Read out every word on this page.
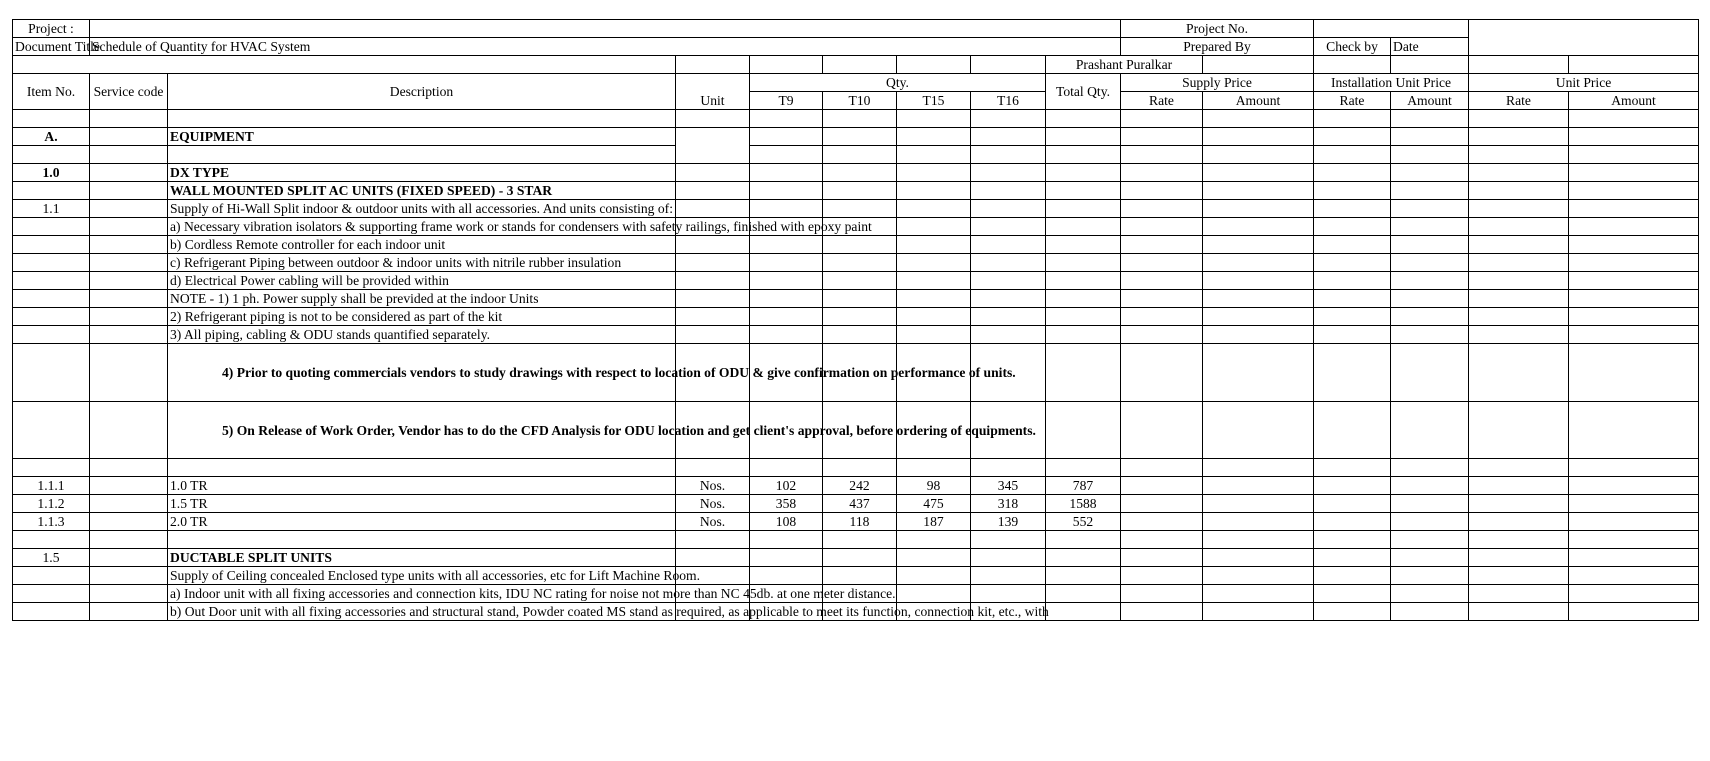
Project :									Project No.					
Document Title	Schedule of Quantity for HVAC System								Prepared By		Check by	Date		
								Prashant Puralkar						
Item No.	Service code	Description	Unit	Qty.				Total Qty.	Supply Price		Installation Unit Price		Unit Price	
				T9	T10	T15	T16		Rate	Amount	Rate	Amount	Rate	Amount

A.		EQUIPMENT												

1.0		DX TYPE												
		WALL MOUNTED SPLIT AC UNITS (FIXED SPEED) - 3 STAR												
1.1		Supply of Hi-Wall Split indoor & outdoor units with all accessories. And units consisting of:												
		a) Necessary vibration isolators & supporting frame work or stands for condensers with safety railings, finished with epoxy paint												
		b) Cordless Remote controller for each indoor unit												
		c) Refrigerant Piping between outdoor & indoor units with nitrile rubber insulation												
		d) Electrical Power cabling will be provided within												
		NOTE - 1) 1 ph. Power supply shall be previded at the indoor Units												
		2) Refrigerant piping is not to be considered as part of the kit												
		3) All piping, cabling & ODU stands quantified separately.												
		4) Prior to quoting commercials vendors to study drawings with respect to location of ODU & give confirmation on performance of units.												
		5) On Release of Work Order, Vendor has to do the CFD Analysis for ODU location and get client's approval, before ordering of equipments.												

1.1.1		1.0 TR	Nos.	102	242	98	345	787						
1.1.2		1.5 TR	Nos.	358	437	475	318	1588						
1.1.3		2.0 TR	Nos.	108	118	187	139	552						

1.5		DUCTABLE SPLIT UNITS												
		Supply of Ceiling concealed Enclosed type units with all accessories, etc for Lift Machine Room.												
		a) Indoor unit with all fixing accessories and connection kits, IDU NC rating for noise not more than NC 45db. at one meter distance.												
		b) Out Door unit with all fixing accessories and structural stand, Powder coated MS stand as required, as applicable to meet its function, connection kit, etc., with												
